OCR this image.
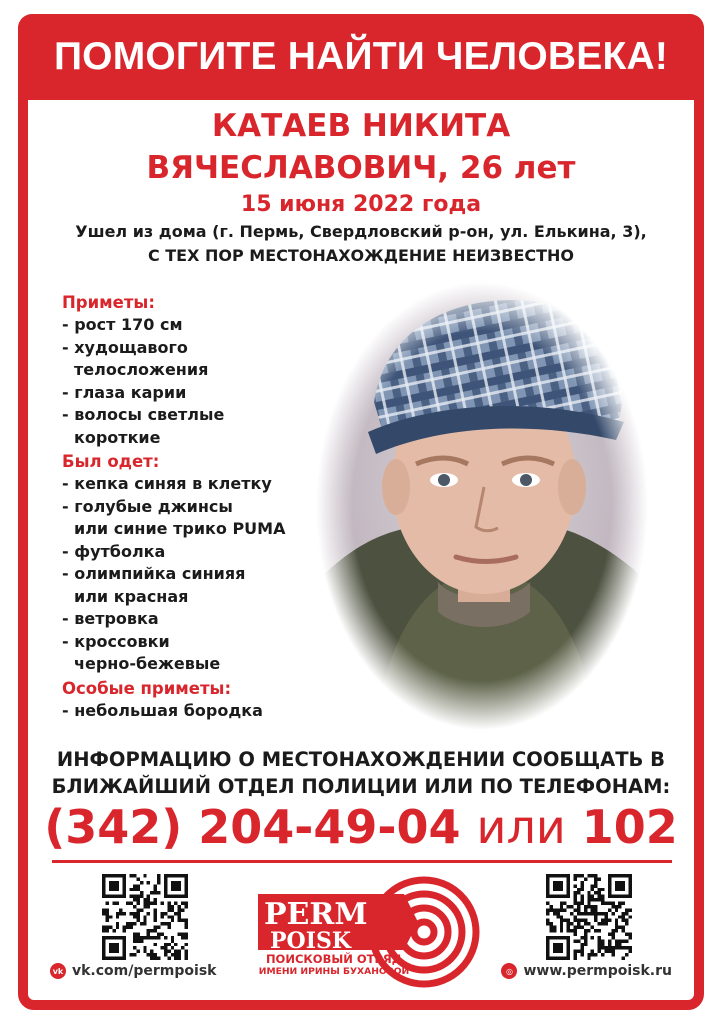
ПОМОГИТЕ НАЙТИ ЧЕЛОВЕКА!
КАТАЕВ НИКИТА
ВЯЧЕСЛАВОВИЧ, 26 лет
15 июня 2022 года
Ушел из дома (г. Пермь, Свердловский р-он, ул. Елькина, 3),
С ТЕХ ПОР МЕСТОНАХОЖДЕНИЕ НЕИЗВЕСТНО
Приметы:
- рост 170 см
- худощавого
телосложения
- глаза карии
- волосы светлые
короткие
Был одет:
- кепка синяя в клетку
- голубые джинсы
или синие трико PUMA
- футболка
- олимпийка синияя
или красная
- ветровка
- кроссовки
черно-бежевые
Особые приметы:
- небольшая бородка
ИНФОРМАЦИЮ О МЕСТОНАХОЖДЕНИИ СООБЩАТЬ В
БЛИЖАЙШИЙ ОТДЕЛ ПОЛИЦИИ ИЛИ ПО ТЕЛЕФОНАМ:
(342) 204-49-04 или 102
PERM
POISK
ПОИСКОВЫЙ ОТРЯД
ИМЕНИ ИРИНЫ БУХАНОВОЙ
vk vk.com/permpoisk	◎ www.permpoisk.ru
